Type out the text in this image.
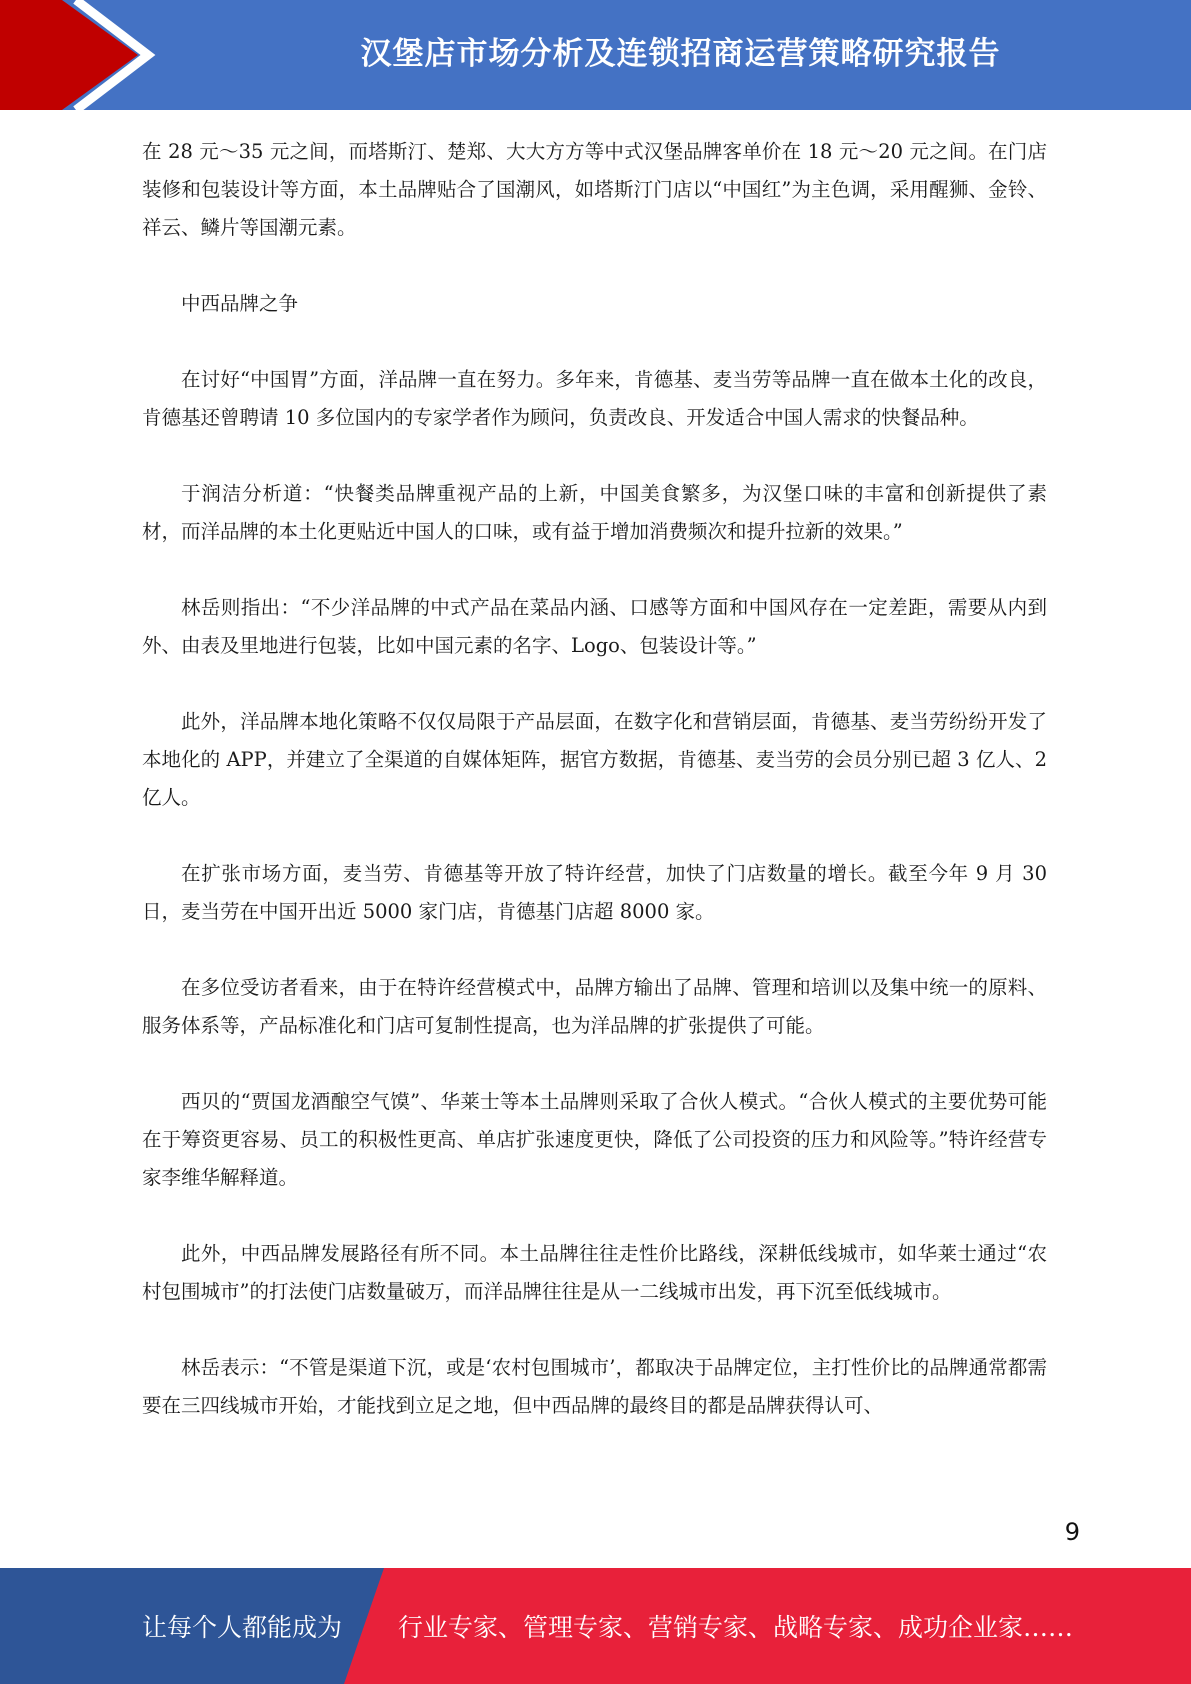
汉堡店市场分析及连锁招商运营策略研究报告

在 28 元～35 元之间，而塔斯汀、楚郑、大大方方等中式汉堡品牌客单价在 18 元～20 元之间。在门店装修和包装设计等方面，本土品牌贴合了国潮风，如塔斯汀门店以“中国红”为主色调，采用醒狮、金铃、祥云、鳞片等国潮元素。

中西品牌之争

在讨好“中国胃”方面，洋品牌一直在努力。多年来，肯德基、麦当劳等品牌一直在做本土化的改良，肯德基还曾聘请 10 多位国内的专家学者作为顾问，负责改良、开发适合中国人需求的快餐品种。

于润洁分析道：“快餐类品牌重视产品的上新，中国美食繁多，为汉堡口味的丰富和创新提供了素材，而洋品牌的本土化更贴近中国人的口味，或有益于增加消费频次和提升拉新的效果。”

林岳则指出：“不少洋品牌的中式产品在菜品内涵、口感等方面和中国风存在一定差距，需要从内到外、由表及里地进行包装，比如中国元素的名字、Logo、包装设计等。”

此外，洋品牌本地化策略不仅仅局限于产品层面，在数字化和营销层面，肯德基、麦当劳纷纷开发了本地化的 APP，并建立了全渠道的自媒体矩阵，据官方数据，肯德基、麦当劳的会员分别已超 3 亿人、2 亿人。

在扩张市场方面，麦当劳、肯德基等开放了特许经营，加快了门店数量的增长。截至今年 9 月 30 日，麦当劳在中国开出近 5000 家门店，肯德基门店超 8000 家。

在多位受访者看来，由于在特许经营模式中，品牌方输出了品牌、管理和培训以及集中统一的原料、服务体系等，产品标准化和门店可复制性提高，也为洋品牌的扩张提供了可能。

西贝的“贾国龙酒酿空气馍”、华莱士等本土品牌则采取了合伙人模式。“合伙人模式的主要优势可能在于筹资更容易、员工的积极性更高、单店扩张速度更快，降低了公司投资的压力和风险等。”特许经营专家李维华解释道。

此外，中西品牌发展路径有所不同。本土品牌往往走性价比路线，深耕低线城市，如华莱士通过“农村包围城市”的打法使门店数量破万，而洋品牌往往是从一二线城市出发，再下沉至低线城市。

林岳表示：“不管是渠道下沉，或是‘农村包围城市’，都取决于品牌定位，主打性价比的品牌通常都需要在三四线城市开始，才能找到立足之地，但中西品牌的最终目的都是品牌获得认可、

9
让每个人都能成为 行业专家、管理专家、营销专家、战略专家、成功企业家……
